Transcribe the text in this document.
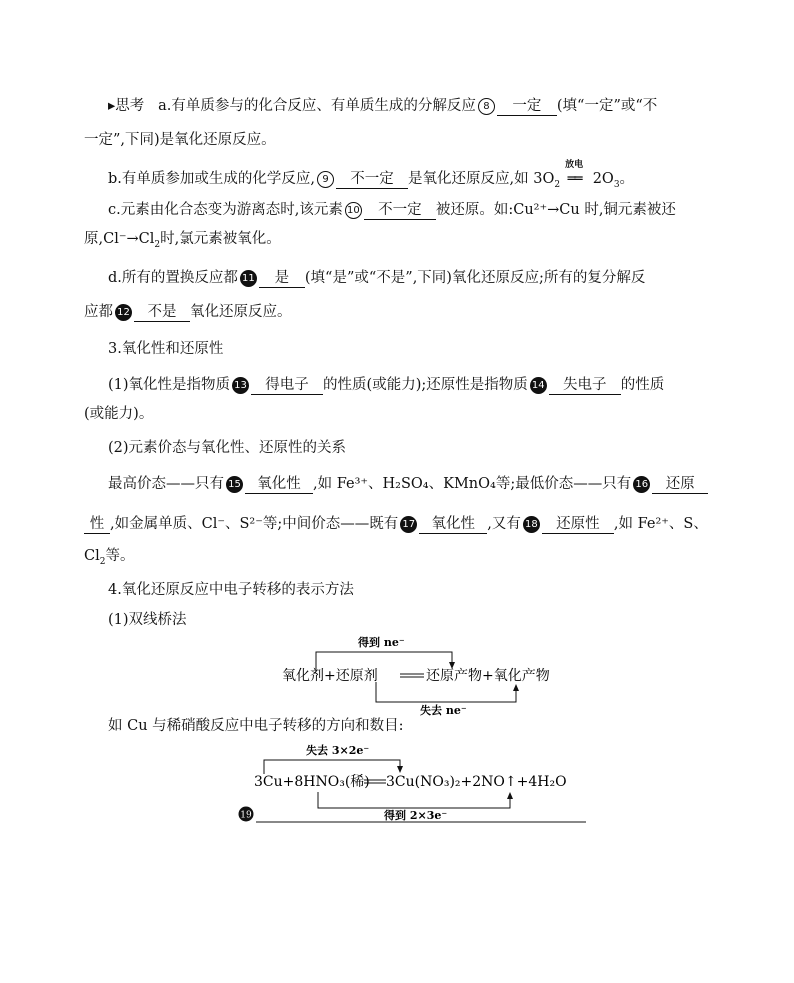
▸思考 a.有单质参与的化合反应、有单质生成的分解反应 8 一定 (填“一定”或“不
一定”,下同)是氧化还原反应。
b.有单质参加或生成的化学反应, 9 不一定 是氧化还原反应,如 $3O_2$
放电
══ $2O_3$。
c.元素由化合态变为游离态时,该元素 10 不一定 被还原。如:Cu²⁺→Cu 时,铜元素被还
原$,Cl^-\to Cl_2$时,氯元素被氧化。
d.所有的置换反应都 11 是 (填“是”或“不是”,下同)氧化还原反应;所有的复分解反
应都 12 不是 氧化还原反应。
3.氧化性和还原性
(1)氧化性是指物质 13 得电子 的性质(或能力);还原性是指物质 14 失电子 的性质
(或能力)。
(2)元素价态与氧化性、还原性的关系
最高价态——只有 15 氧化性 ,如 Fe³⁺、H₂SO₄、KMnO₄等;最低价态——只有 16 还原
性 ,如金属单质、Cl⁻、S²⁻等;中间价态——既有 17 氧化性 ,又有 18 还原性 ,如 Fe²⁺、S、
$Cl_2$等。
4.氧化还原反应中电子转移的表示方法
(1)双线桥法
得到 ne⁻
氧化剂+还原剂	还原产物+氧化产物
失去 ne⁻
如 Cu 与稀硝酸反应中电子转移的方向和数目:
失去 3×2e⁻
3Cu+8HNO₃(稀) 3Cu(NO₃)₂+2NO↑+4H₂O
得到 2×3e⁻
19
